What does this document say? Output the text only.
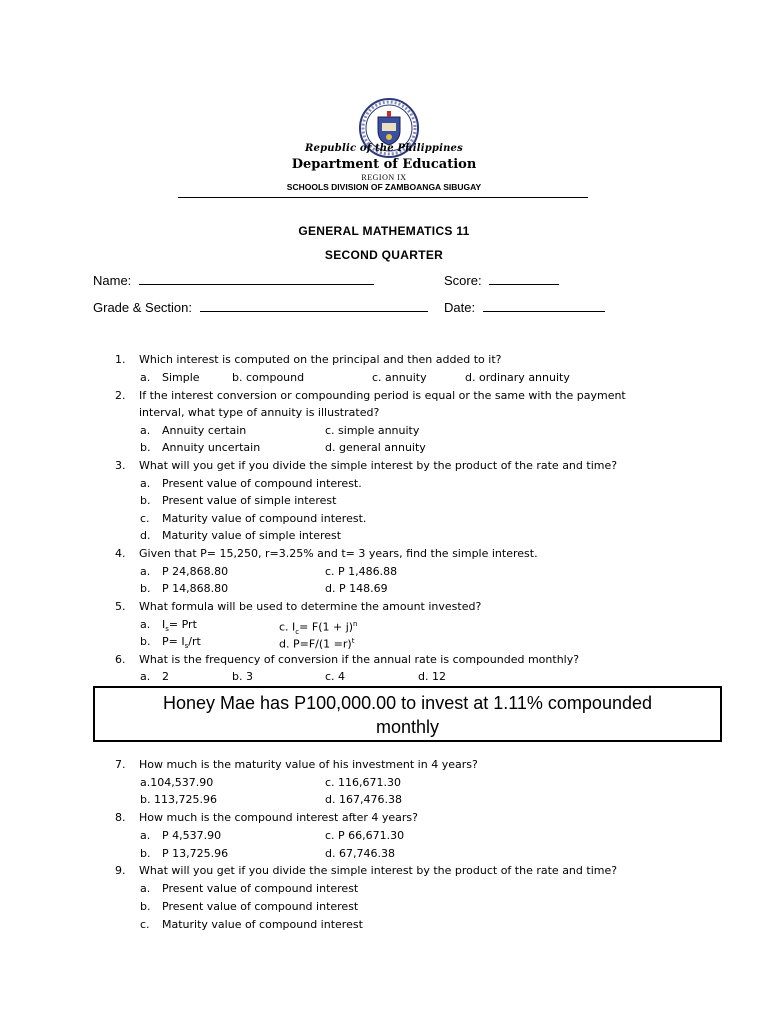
Republic of the Philippines
Department of Education
REGION IX
SCHOOLS DIVISION OF ZAMBOANGA SIBUGAY
GENERAL MATHEMATICS 11
SECOND QUARTER
Name:	Score:
Grade & Section:	Date:
1.	Which interest is computed on the principal and then added to it?
a. Simple	b. compound	c. annuity	d. ordinary annuity
2.	If the interest conversion or compounding period is equal or the same with the payment
interval, what type of annuity is illustrated?
a. Annuity certain	c. simple annuity
b. Annuity uncertain	d. general annuity
3.	What will you get if you divide the simple interest by the product of the rate and time?
a. Present value of compound interest.
b. Present value of simple interest
c. Maturity value of compound interest.
d. Maturity value of simple interest
4.	Given that P= 15,250, r=3.25% and t= 3 years, find the simple interest.
a. P 24,868.80	c. P 1,486.88
b. P 14,868.80	d. P 148.69
5.	What formula will be used to determine the amount invested?
a. $I_s=$ Prt	c. $I_c= F(1 + j)^n$
b. $P= I_s/rt$	d. P=F/(1 =r)$^t$
6.	What is the frequency of conversion if the annual rate is compounded monthly?
a. 2	b. 3	c. 4	d. 12
Honey Mae has P100,000.00 to invest at 1.11% compounded
monthly
7.	How much is the maturity value of his investment in 4 years?
a.104,537.90	c. 116,671.30
b. 113,725.96	d. 167,476.38
8.	How much is the compound interest after 4 years?
a. P 4,537.90	c. P 66,671.30
b. P 13,725.96	d. 67,746.38
9.	What will you get if you divide the simple interest by the product of the rate and time?
a. Present value of compound interest
b. Present value of compound interest
c. Maturity value of compound interest
